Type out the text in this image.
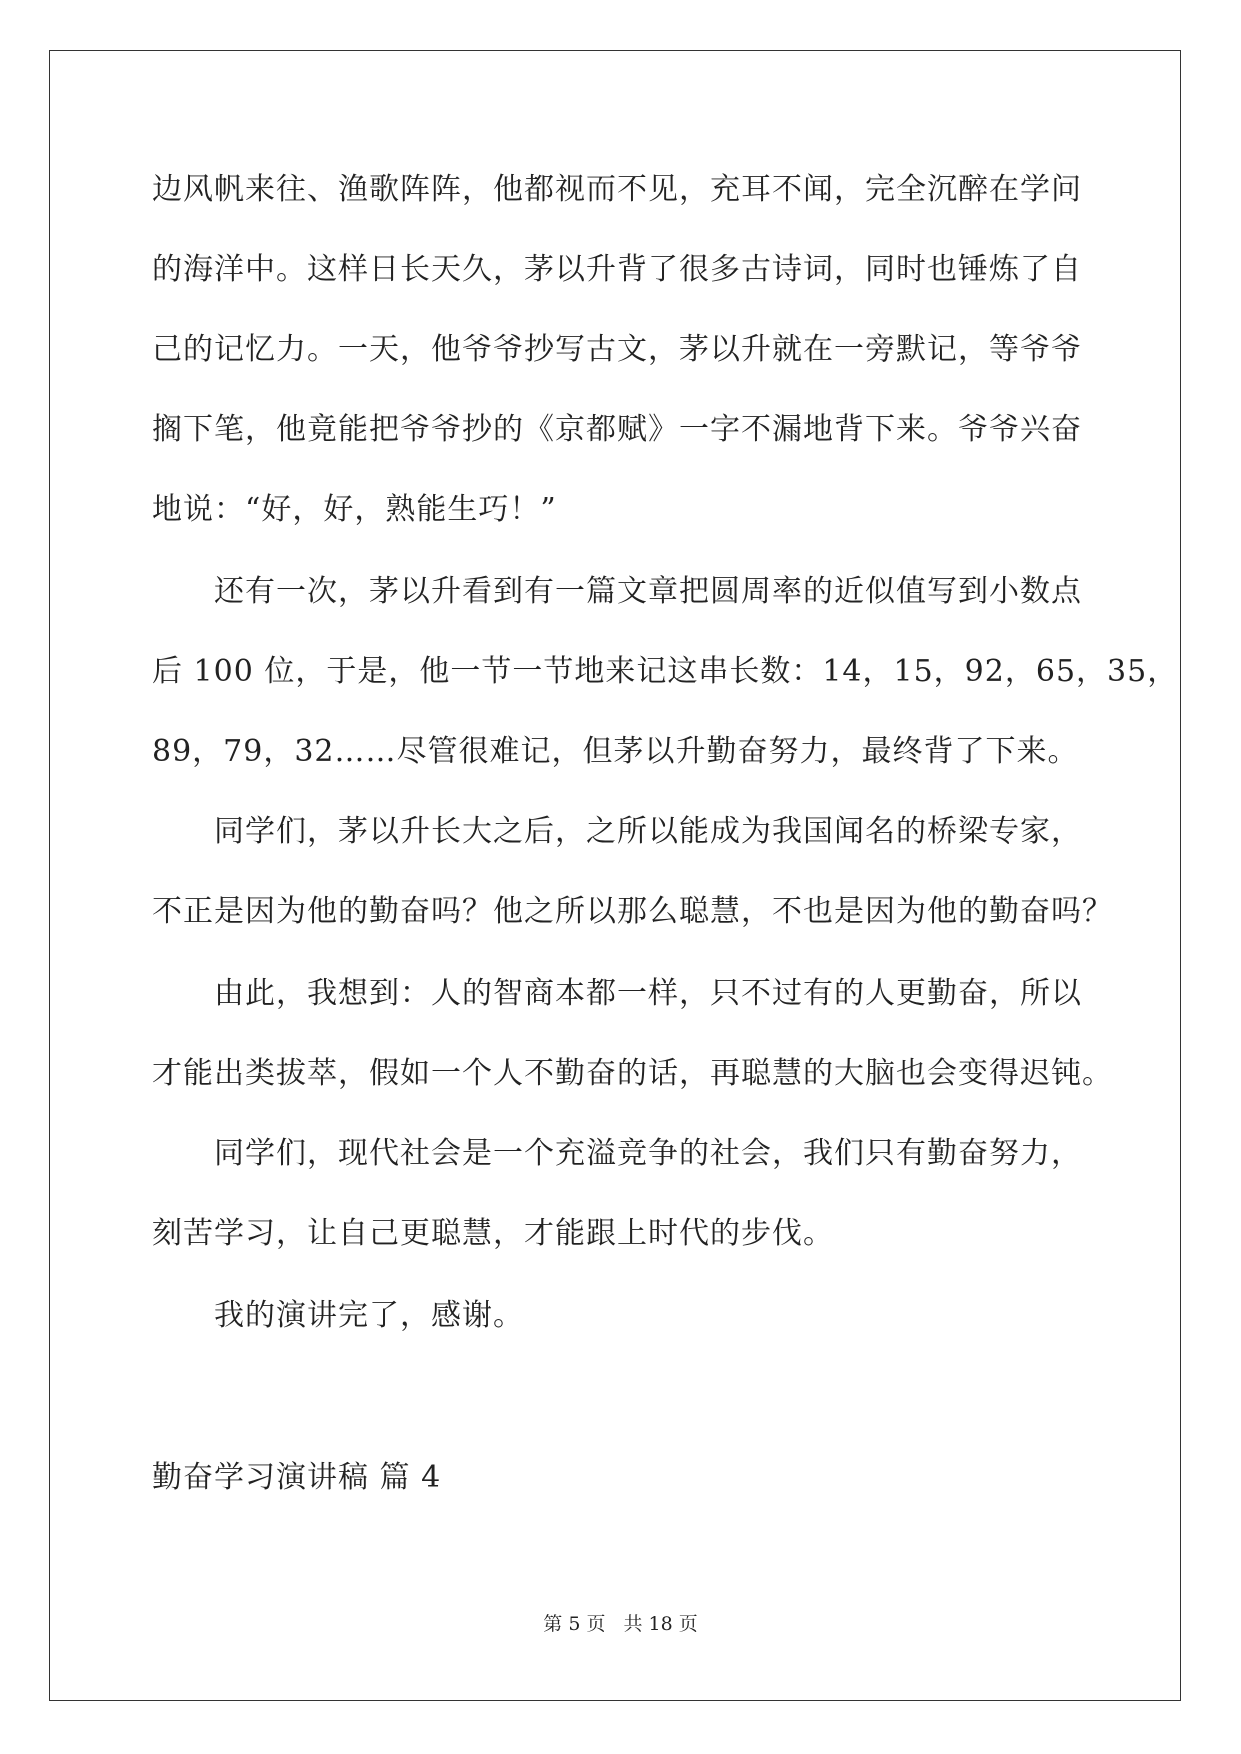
边风帆来往、渔歌阵阵，他都视而不见，充耳不闻，完全沉醉在学问
的海洋中。这样日长天久，茅以升背了很多古诗词，同时也锤炼了自
己的记忆力。一天，他爷爷抄写古文，茅以升就在一旁默记，等爷爷
搁下笔，他竟能把爷爷抄的《京都赋》一字不漏地背下来。爷爷兴奋
地说：“好，好，熟能生巧！”
还有一次，茅以升看到有一篇文章把圆周率的近似值写到小数点
后 100 位，于是，他一节一节地来记这串长数：14，15，92，65，35，
89，79，32……尽管很难记，但茅以升勤奋努力，最终背了下来。
同学们，茅以升长大之后，之所以能成为我国闻名的桥梁专家，
不正是因为他的勤奋吗？他之所以那么聪慧，不也是因为他的勤奋吗？
由此，我想到：人的智商本都一样，只不过有的人更勤奋，所以
才能出类拔萃，假如一个人不勤奋的话，再聪慧的大脑也会变得迟钝。
同学们，现代社会是一个充溢竞争的社会，我们只有勤奋努力，
刻苦学习，让自己更聪慧，才能跟上时代的步伐。
我的演讲完了，感谢。
勤奋学习演讲稿 篇 4
第 5 页 共 18 页
